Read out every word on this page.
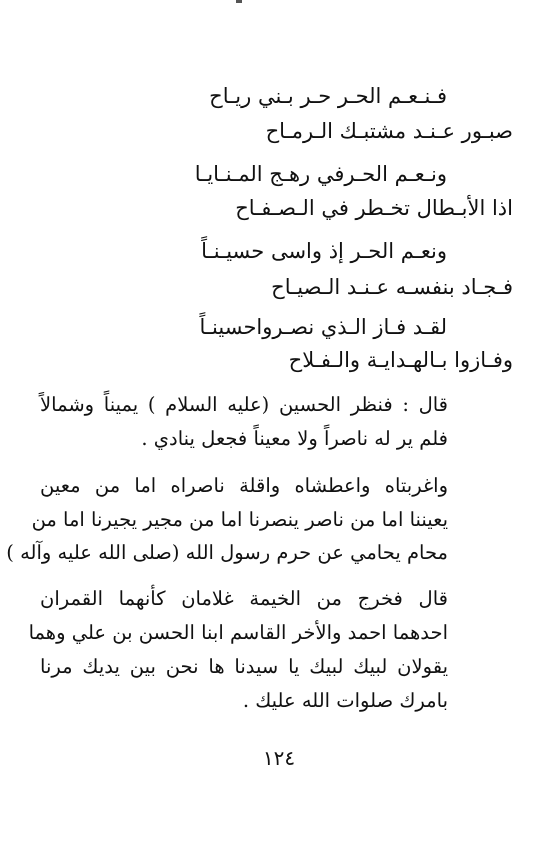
فـنـعـم الحـر حـر بـني ريـاح
صبـور عـنـد مشتبـك الـرمـاح
ونـعـم الحـرفي رهـج المـنـايـا
اذا الأبـطال تخـطر في الـصـفـاح
ونعـم الحـر إذ واسى حسيـنـاً
فـجـاد بنفسـه عـنـد الـصيـاح
لقـد فـاز الـذي نصـرواحسينـاً
وفـازوا بـالهـدايـة والـفـلاح
قال : فنظر الحسين (عليه السلام ) يميناً وشمالاً
فلم ير له ناصراً ولا معيناً فجعل ينادي .
واغربتاه واعطشاه واقلة ناصراه اما من معين
يعيننا اما من ناصر ينصرنا اما من مجير يجيرنا اما من
محام يحامي عن حرم رسول الله (صلى الله عليه وآله )
قال فخرج من الخيمة غلامان كأنهما القمران
احدهما احمد والأخر القاسم ابنا الحسن بن علي وهما
يقولان لبيك لبيك يا سيدنا ها نحن بين يديك مرنا
بامرك صلوات الله عليك .
١٢٤
